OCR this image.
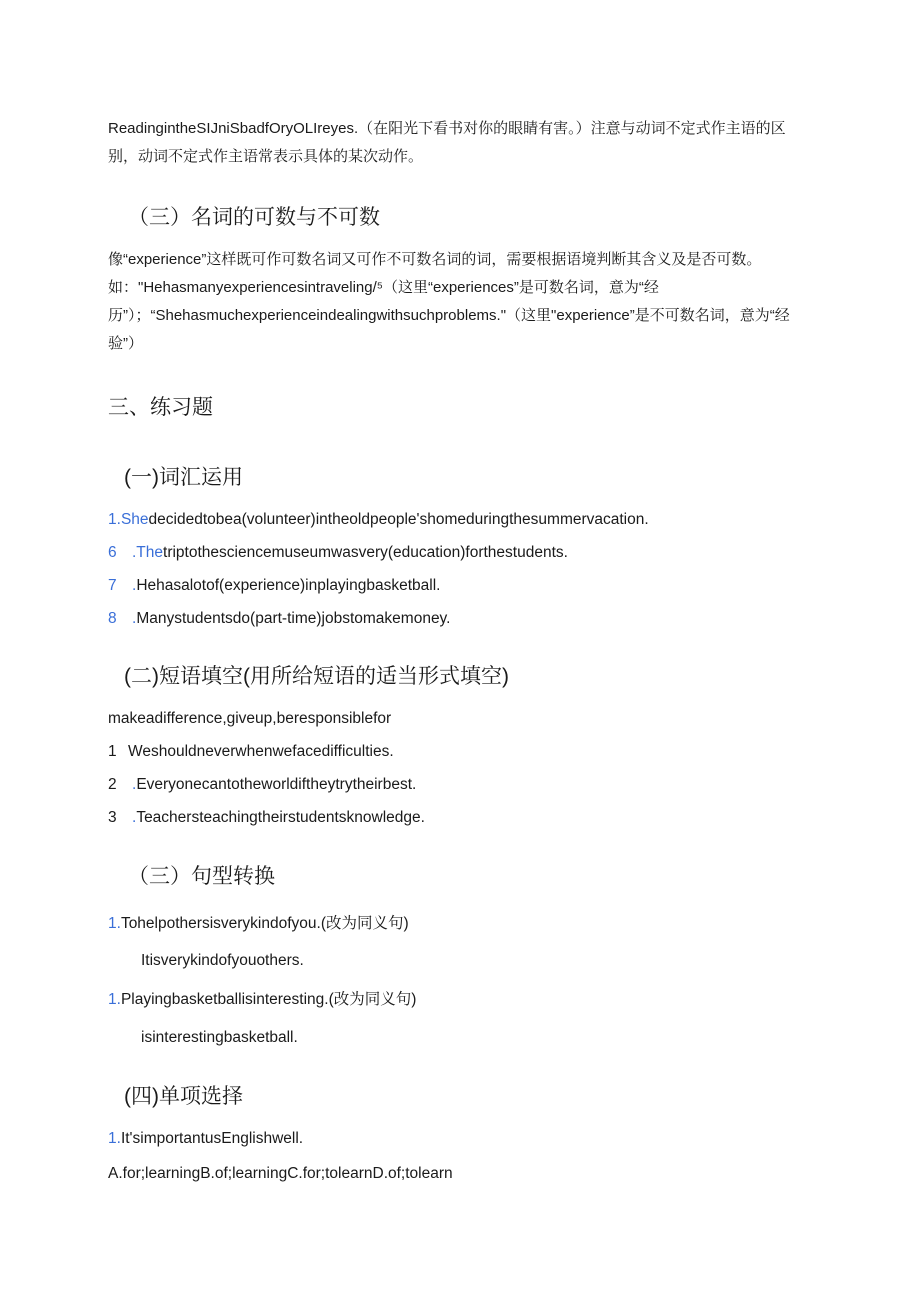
ReadingintheSIJniSbadfOryOLIreyes.（在阳光下看书对你的眼睛有害。）注意与动词不定式作主语的区别，动词不定式作主语常表示具体的某次动作。
（三）名词的可数与不可数
像“experience”这样既可作可数名词又可作不可数名词的词，需要根据语境判断其含义及是否可数。如："Hehasmanyexperiencesintraveling/⁵（这里“experiences”是可数名词，意为“经历”）；“Shehasmuchexperienceindealingwithsuchproblems."（这里"experience”是不可数名词，意为“经验”）
三、练习题
(一)词汇运用
1.Shedecidedtobea(volunteer)intheoldpeople'shomeduringthesummervacation.
6 .Thetriptothesciencemuseumwasvery(education)forthestudents.
7 .Hehasalotof(experience)inplayingbasketball.
8 .Manystudentsdo(part-time)jobstomakemoney.
(二)短语填空(用所给短语的适当形式填空)
makeadifference,giveup,beresponsiblefor
1 Weshouldneverwhenwefacedifficulties.
2 .Everyonecantotheworldiftheytrytheirbest.
3 .Teachersteachingtheirstudentsknowledge.
（三）句型转换
1.Tohelpothersisverykindofyou.(改为同义句)
Itisverykindofyouothers.
1.Playingbasketballisinteresting.(改为同义句)
isinterestingbasketball.
(四)单项选择
1.It'simportantusEnglishwell.
A.for;learningB.of;learningC.for;tolearnD.of;tolearn
